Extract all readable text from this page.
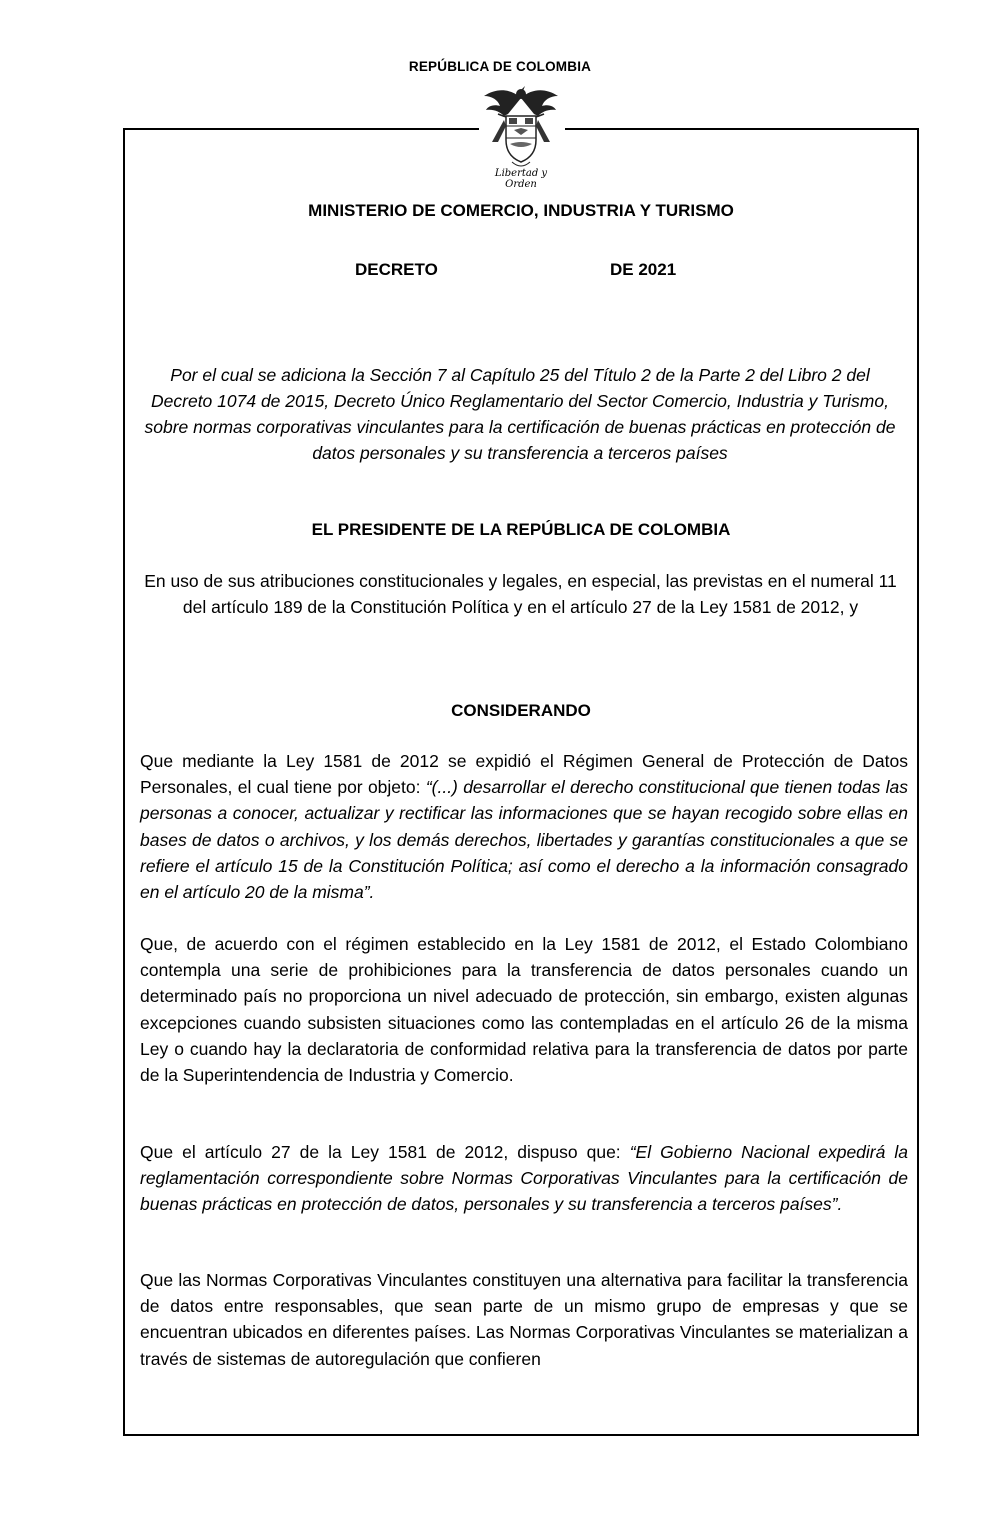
REPÚBLICA DE COLOMBIA
Libertad y Orden
MINISTERIO DE COMERCIO, INDUSTRIA Y TURISMO
DECRETO	DE 2021
Por el cual se adiciona la Sección 7 al Capítulo 25 del Título 2 de la Parte 2 del Libro 2 del Decreto 1074 de 2015, Decreto Único Reglamentario del Sector Comercio, Industria y Turismo, sobre normas corporativas vinculantes para la certificación de buenas prácticas en protección de datos personales y su transferencia a terceros países
EL PRESIDENTE DE LA REPÚBLICA DE COLOMBIA
En uso de sus atribuciones constitucionales y legales, en especial, las previstas en el numeral 11 del artículo 189 de la Constitución Política y en el artículo 27 de la Ley 1581 de 2012, y
CONSIDERANDO
Que mediante la Ley 1581 de 2012 se expidió el Régimen General de Protección de Datos Personales, el cual tiene por objeto: “(...) desarrollar el derecho constitucional que tienen todas las personas a conocer, actualizar y rectificar las informaciones que se hayan recogido sobre ellas en bases de datos o archivos, y los demás derechos, libertades y garantías constitucionales a que se refiere el artículo 15 de la Constitución Política; así como el derecho a la información consagrado en el artículo 20 de la misma”.
Que, de acuerdo con el régimen establecido en la Ley 1581 de 2012, el Estado Colombiano contempla una serie de prohibiciones para la transferencia de datos personales cuando un determinado país no proporciona un nivel adecuado de protección, sin embargo, existen algunas excepciones cuando subsisten situaciones como las contempladas en el artículo 26 de la misma Ley o cuando hay la declaratoria de conformidad relativa para la transferencia de datos por parte de la Superintendencia de Industria y Comercio.
Que el artículo 27 de la Ley 1581 de 2012, dispuso que: “El Gobierno Nacional expedirá la reglamentación correspondiente sobre Normas Corporativas Vinculantes para la certificación de buenas prácticas en protección de datos, personales y su transferencia a terceros países”.
Que las Normas Corporativas Vinculantes constituyen una alternativa para facilitar la transferencia de datos entre responsables, que sean parte de un mismo grupo de empresas y que se encuentran ubicados en diferentes países. Las Normas Corporativas Vinculantes se materializan a través de sistemas de autoregulación que confieren
